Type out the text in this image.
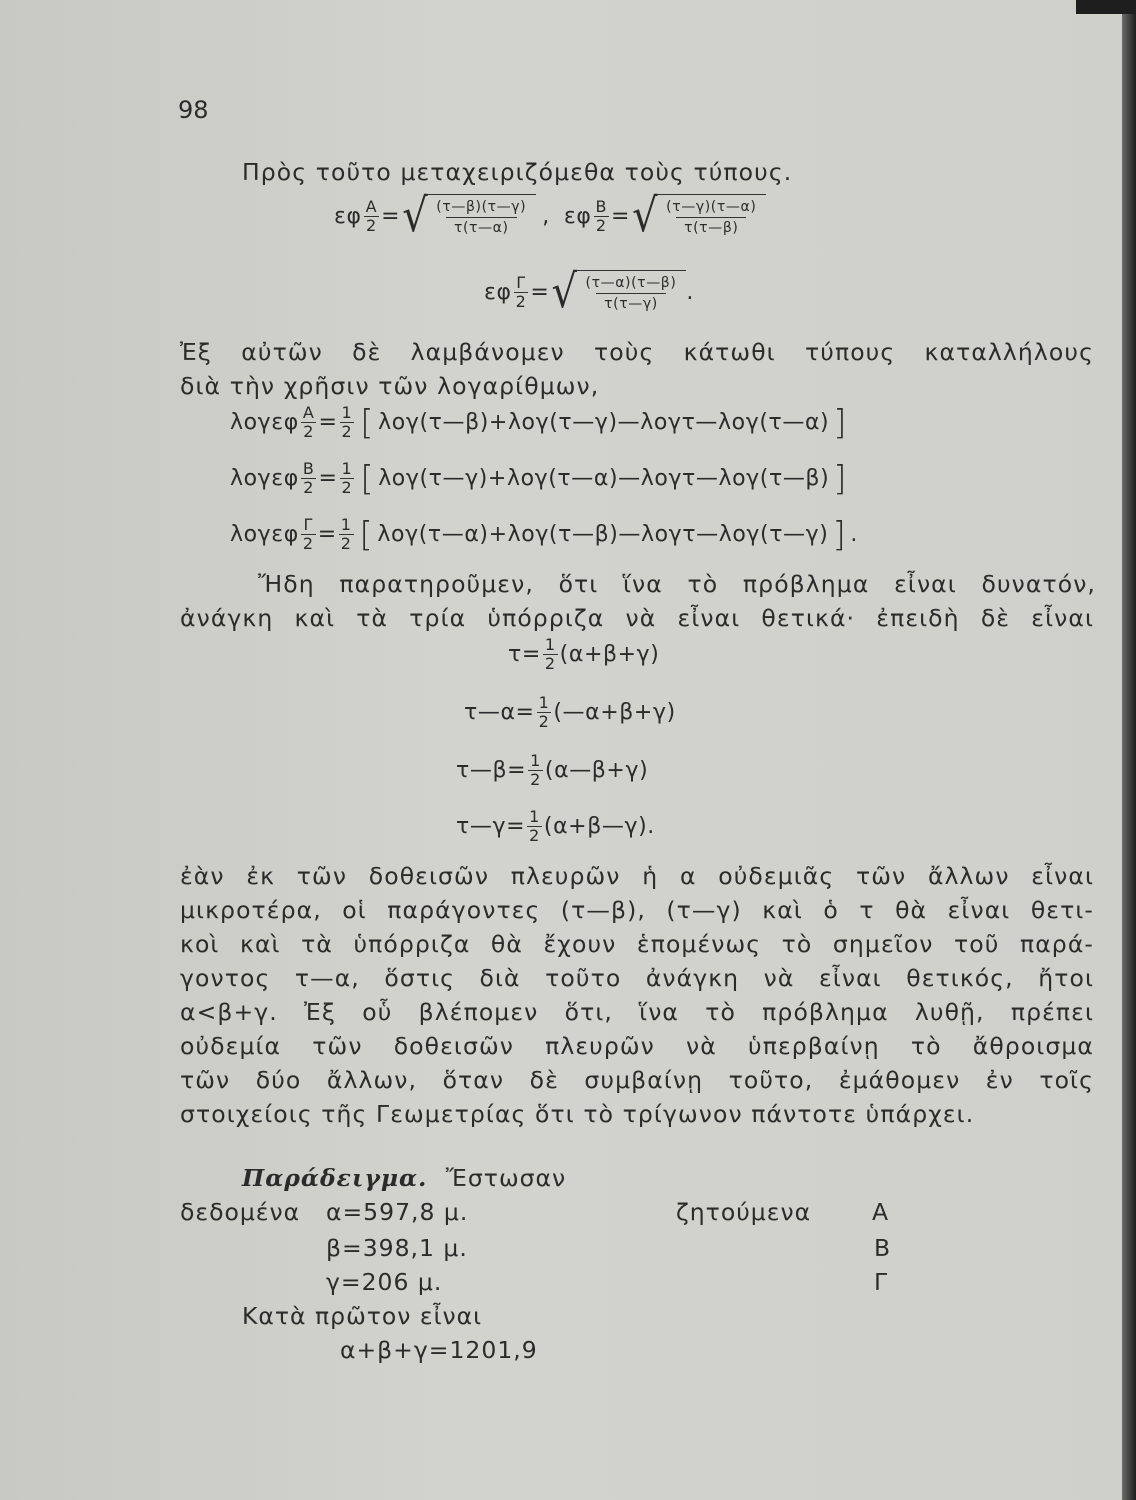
98
Πρὸς τοῦτο μεταχειριζόμεθα τοὺς τύπους.
εφ $\frac{A}{2}$ = √ $\frac{(\tau—\beta)(\tau—\gamma)}{\tau(\tau—\alpha)}$ , εφ $\frac{B}{2}$ = √ $\frac{(\tau—\gamma)(\tau—\alpha)}{\tau(\tau—\beta)}$
εφ $\frac{\Gamma}{2}$ = √ $\frac{(\tau—\alpha)(\tau—\beta)}{\tau(\tau—\gamma)}$ .
Ἐξ αὐτῶν δὲ λαμβάνομεν τοὺς κάτωθι τύπους καταλλήλους
διὰ τὴν χρῆσιν τῶν λογαρίθμων,
λογεφ $\frac{A}{2} = \frac{1}{2}$ [ λογ(τ—β)+λογ(τ—γ)—λογτ—λογ(τ—α) ]
λογεφ $\frac{B}{2} = \frac{1}{2}$ [ λογ(τ—γ)+λογ(τ—α)—λογτ—λογ(τ—β) ]
λογεφ $\frac{\Gamma}{2} = \frac{1}{2}$ [ λογ(τ—α)+λογ(τ—β)—λογτ—λογ(τ—γ) ] .
Ἤδη παρατηροῦμεν, ὅτι ἵνα τὸ πρόβλημα εἶναι δυνατόν,
ἀνάγκη καὶ τὰ τρία ὑπόρριζα νὰ εἶναι θετικά· ἐπειδὴ δὲ εἶναι
$\tau= \frac{1}{2} (\alpha+\beta+\gamma)$
τ—α= $\frac{1}{2}$ (—α+β+γ)
τ—β= $\frac{1}{2}$ (α—β+γ)
τ—γ= $\frac{1}{2}$ (α+β—γ).
ἐὰν ἐκ τῶν δοθεισῶν πλευρῶν ἡ α οὐδεμιᾶς τῶν ἄλλων εἶναι
μικροτέρα, οἱ παράγοντες (τ—β), (τ—γ) καὶ ὁ τ θὰ εἶναι θετι-
κοὶ καὶ τὰ ὑπόρριζα θὰ ἔχουν ἑπομένως τὸ σημεῖον τοῦ παρά-
γοντος τ—α, ὅστις διὰ τοῦτο ἀνάγκη νὰ εἶναι θετικός, ἤτοι
α<β+γ. Ἐξ οὗ βλέπομεν ὅτι, ἵνα τὸ πρόβλημα λυθῇ, πρέπει
οὐδεμία τῶν δοθεισῶν πλευρῶν νὰ ὑπερβαίνῃ τὸ ἄθροισμα
τῶν δύο ἄλλων, ὅταν δὲ συμβαίνῃ τοῦτο, ἐμάθομεν ἐν τοῖς
στοιχείοις τῆς Γεωμετρίας ὅτι τὸ τρίγωνον πάντοτε ὑπάρχει.
Παράδειγμα. Ἔστωσαν
δεδομένα α=597,8 μ.
β=398,1 μ.
γ=206 μ.
ζητούμενα	Α
Β
Γ
Κατὰ πρῶτον εἶναι
α+β+γ=1201,9
